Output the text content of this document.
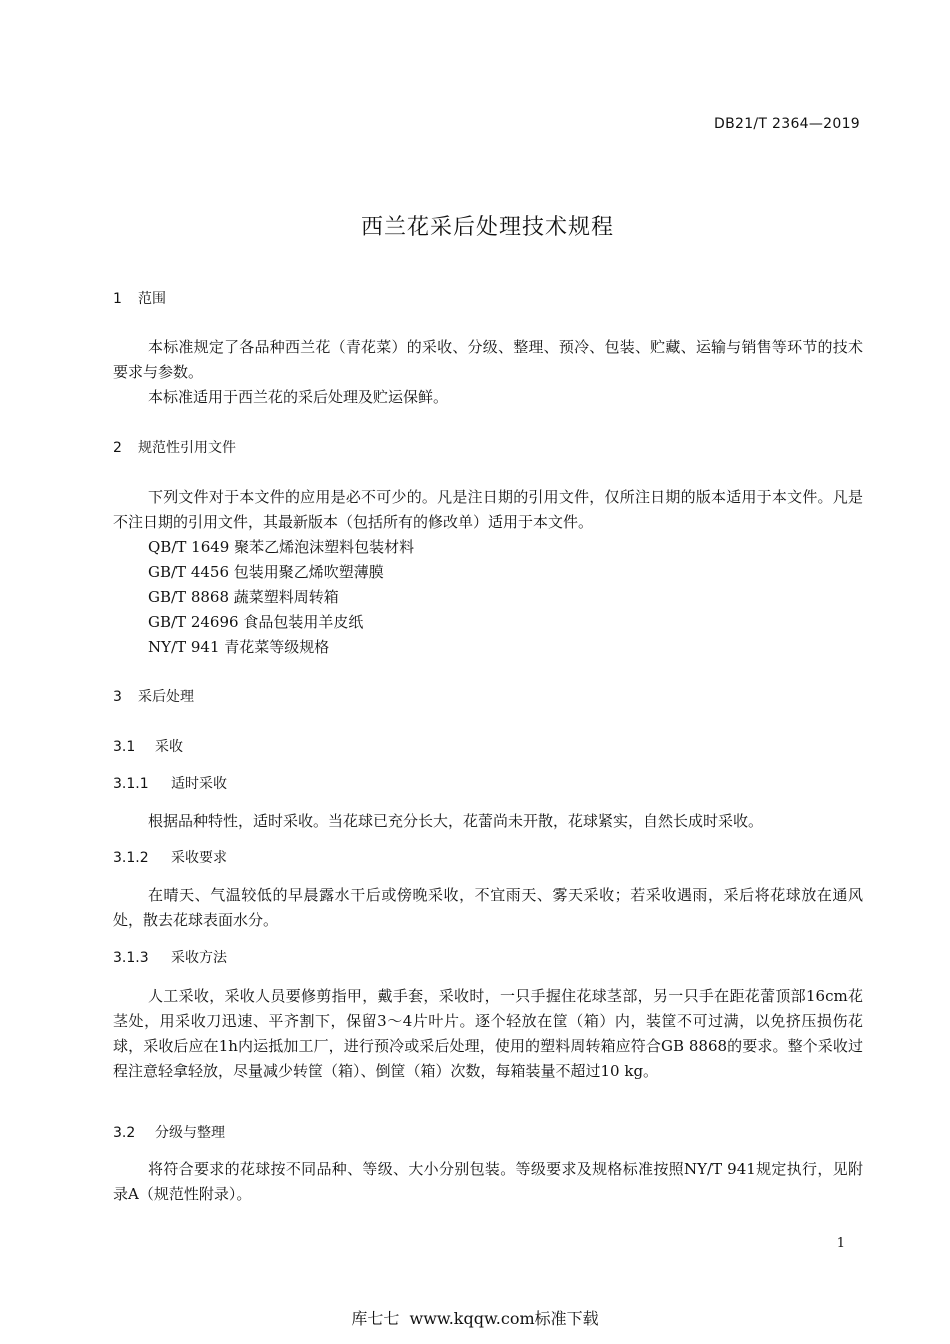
DB21/T 2364—2019
西兰花采后处理技术规程
1 范围
本标准规定了各品种西兰花（青花菜）的采收、分级、整理、预冷、包装、贮藏、运输与销售等环节的技术要求与参数。
本标准适用于西兰花的采后处理及贮运保鲜。
2 规范性引用文件
下列文件对于本文件的应用是必不可少的。凡是注日期的引用文件，仅所注日期的版本适用于本文件。凡是不注日期的引用文件，其最新版本（包括所有的修改单）适用于本文件。
QB/T 1649 聚苯乙烯泡沫塑料包装材料
GB/T 4456 包装用聚乙烯吹塑薄膜
GB/T 8868 蔬菜塑料周转箱
GB/T 24696 食品包装用羊皮纸
NY/T 941 青花菜等级规格
3 采后处理
3.1 采收
3.1.1 适时采收
根据品种特性，适时采收。当花球已充分长大，花蕾尚未开散，花球紧实，自然长成时采收。
3.1.2 采收要求
在晴天、气温较低的早晨露水干后或傍晚采收，不宜雨天、雾天采收；若采收遇雨，采后将花球放在通风处，散去花球表面水分。
3.1.3 采收方法
人工采收，采收人员要修剪指甲，戴手套，采收时，一只手握住花球茎部，另一只手在距花蕾顶部16cm花茎处，用采收刀迅速、平齐割下，保留3～4片叶片。逐个轻放在筐（箱）内，装筐不可过满，以免挤压损伤花球，采收后应在1h内运抵加工厂，进行预冷或采后处理，使用的塑料周转箱应符合GB 8868的要求。整个采收过程注意轻拿轻放，尽量减少转筐（箱）、倒筐（箱）次数，每箱装量不超过10 kg。
3.2 分级与整理
将符合要求的花球按不同品种、等级、大小分别包装。等级要求及规格标准按照NY/T 941规定执行，见附录A（规范性附录）。
1
库七七  www.kqqw.com标准下载
